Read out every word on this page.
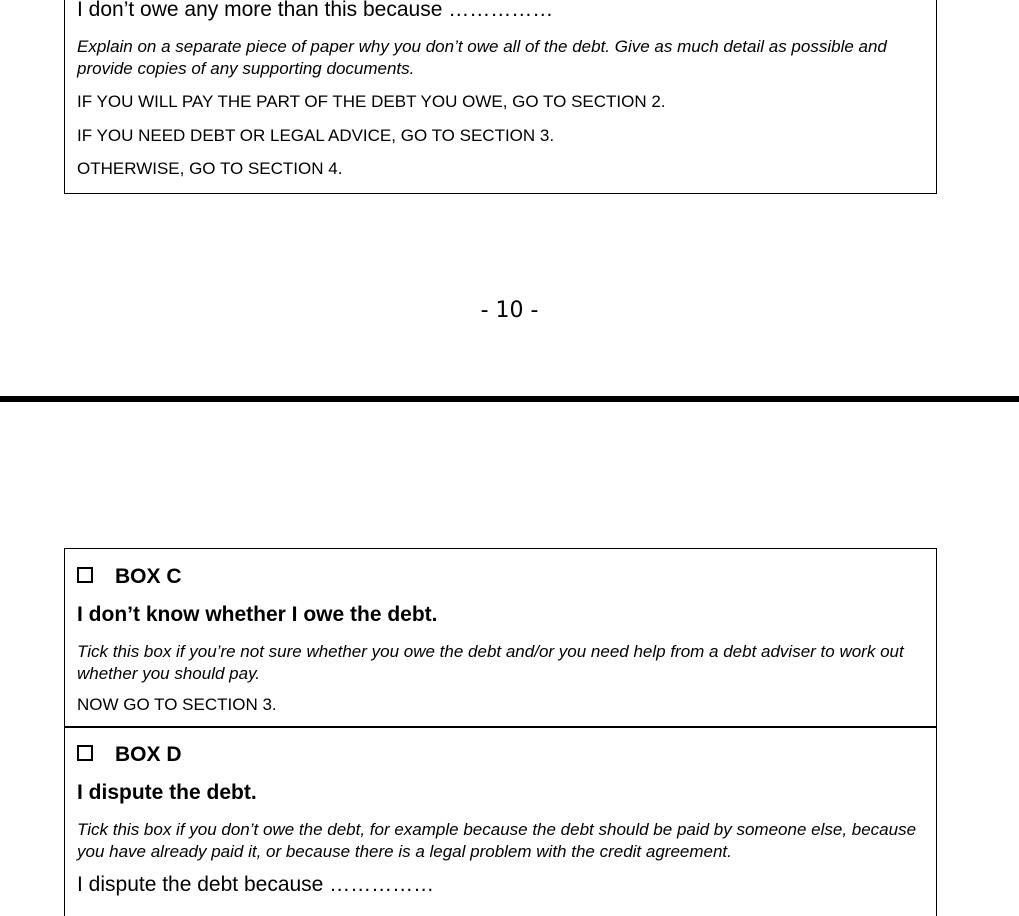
I don’t owe any more than this because ……………
Explain on a separate piece of paper why you don’t owe all of the debt. Give as much detail as possible and provide copies of any supporting documents.
IF YOU WILL PAY THE PART OF THE DEBT YOU OWE, GO TO SECTION 2.
IF YOU NEED DEBT OR LEGAL ADVICE, GO TO SECTION 3.
OTHERWISE, GO TO SECTION 4.
- 10 -
BOX C
I don’t know whether I owe the debt.
Tick this box if you’re not sure whether you owe the debt and/or you need help from a debt adviser to work out whether you should pay.
NOW GO TO SECTION 3.
BOX D
I dispute the debt.
Tick this box if you don’t owe the debt, for example because the debt should be paid by someone else, because you have already paid it, or because there is a legal problem with the credit agreement.
I dispute the debt because ……………
